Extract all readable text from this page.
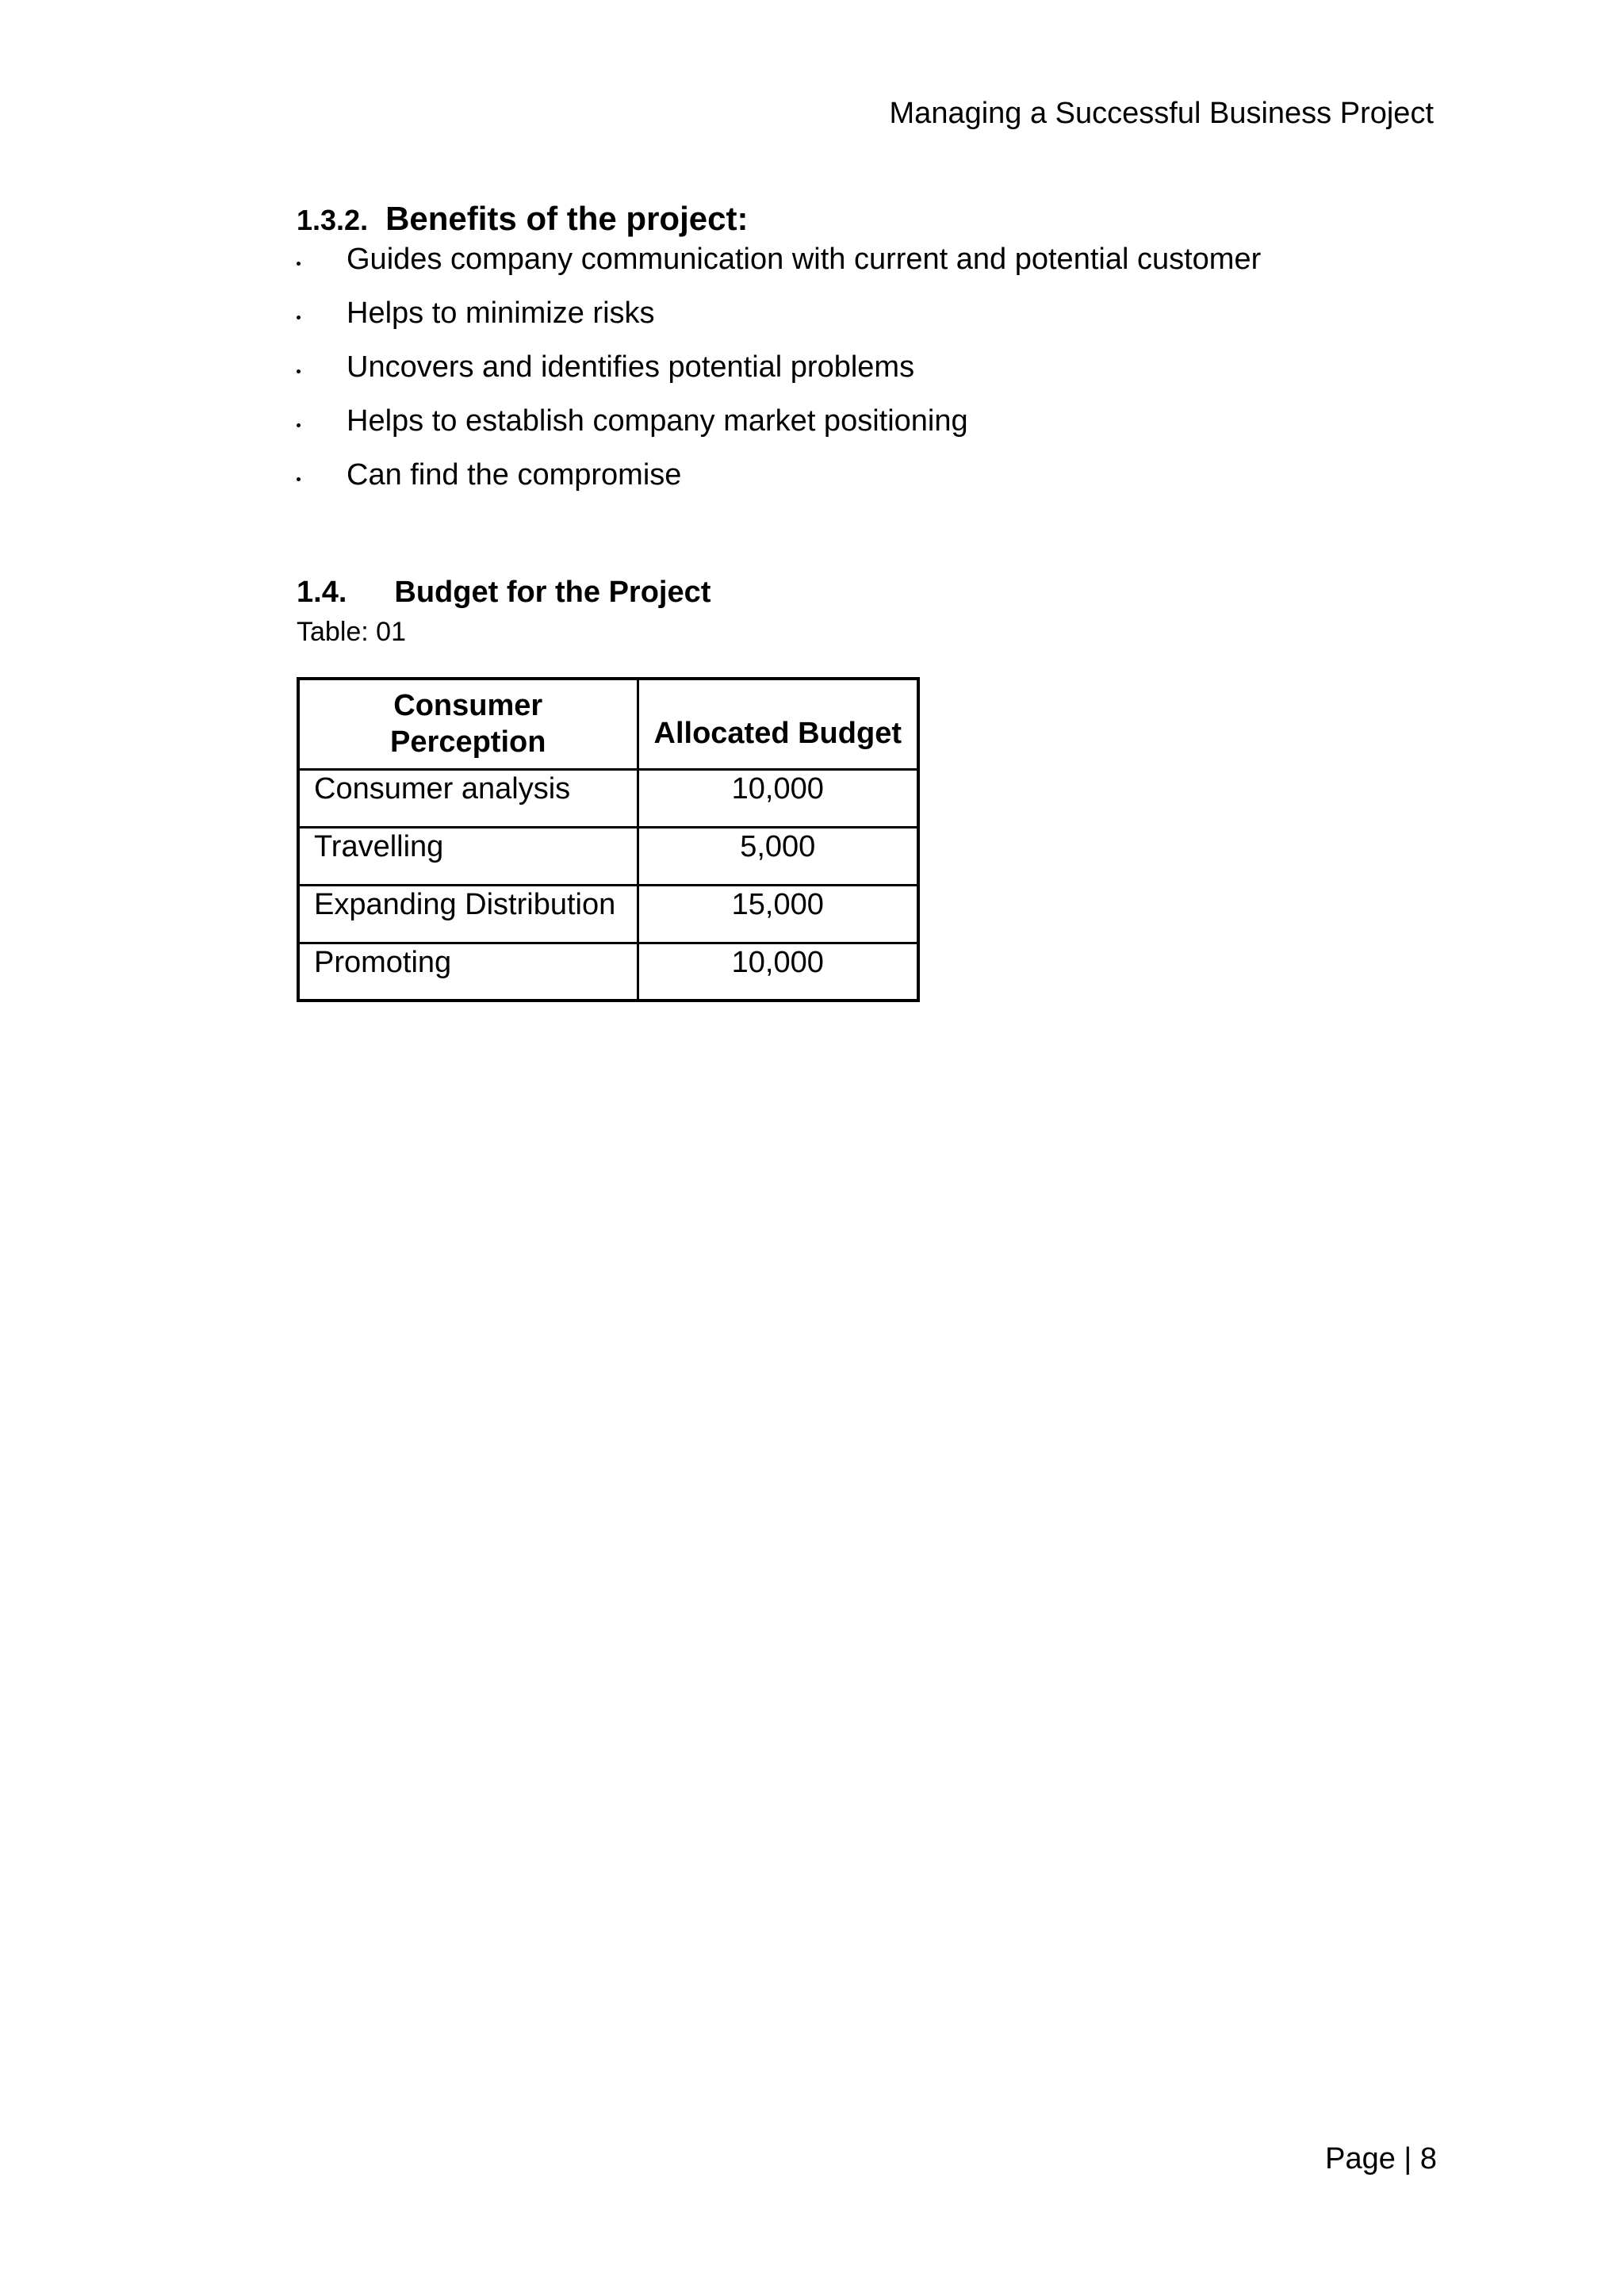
Managing a Successful Business Project
1.3.2. Benefits of the project:
Guides company communication with current and potential customer
Helps to minimize risks
Uncovers and identifies potential problems
Helps to establish company market positioning
Can find the compromise
1.4. Budget for the Project
Table: 01
Consumer Perception	Allocated Budget
Consumer analysis	10,000
Travelling	5,000
Expanding Distribution	15,000
Promoting	10,000
Page | 8
